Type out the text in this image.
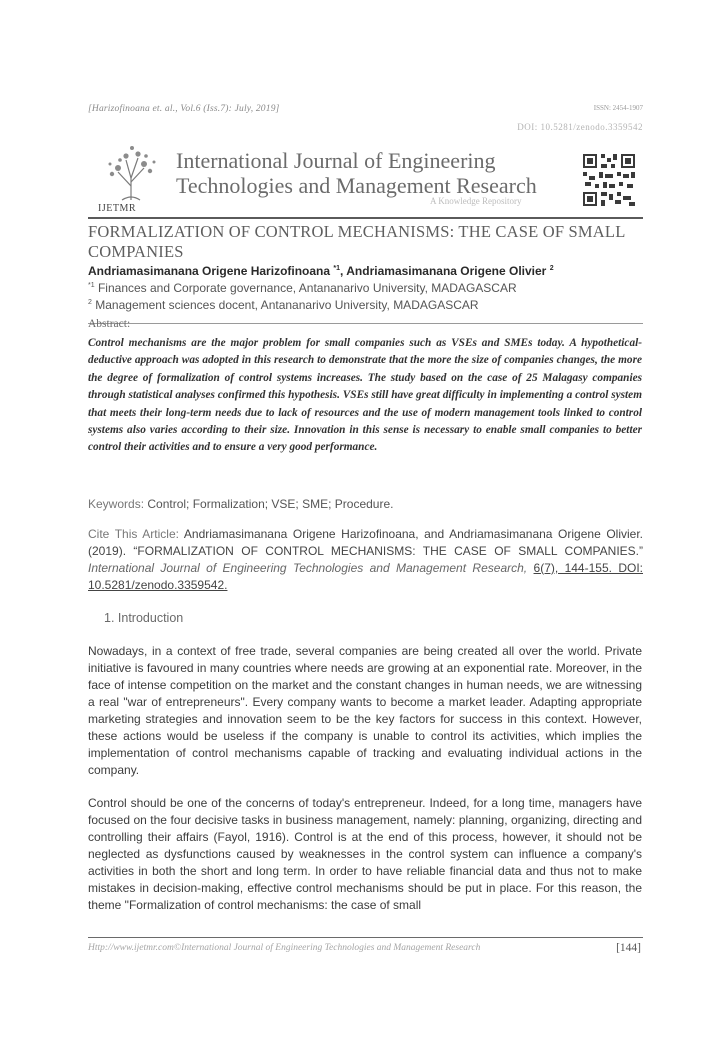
[Harizofinoana et. al., Vol.6 (Iss.7): July, 2019]	ISSN: 2454-1907
DOI: 10.5281/zenodo.3359542
IJETMR
International Journal of Engineering Technologies and Management Research
A Knowledge Repository
FORMALIZATION OF CONTROL MECHANISMS: THE CASE OF SMALL COMPANIES
Andriamasimanana Origene Harizofinoana $^{*1}$, Andriamasimanana Origene Olivier $^2$
$^{*1}$ Finances and Corporate governance, Antananarivo University, MADAGASCAR
$^2$ Management sciences docent, Antananarivo University, MADAGASCAR
Abstract:
Control mechanisms are the major problem for small companies such as VSEs and SMEs today. A hypothetical-deductive approach was adopted in this research to demonstrate that the more the size of companies changes, the more the degree of formalization of control systems increases. The study based on the case of 25 Malagasy companies through statistical analyses confirmed this hypothesis. VSEs still have great difficulty in implementing a control system that meets their long-term needs due to lack of resources and the use of modern management tools linked to control systems also varies according to their size. Innovation in this sense is necessary to enable small companies to better control their activities and to ensure a very good performance.
Keywords: Control; Formalization; VSE; SME; Procedure.
Cite This Article: Andriamasimanana Origene Harizofinoana, and Andriamasimanana Origene Olivier. (2019). “FORMALIZATION OF CONTROL MECHANISMS: THE CASE OF SMALL COMPANIES.” International Journal of Engineering Technologies and Management Research, 6(7), 144-155. DOI: 10.5281/zenodo.3359542.
1. Introduction
Nowadays, in a context of free trade, several companies are being created all over the world. Private initiative is favoured in many countries where needs are growing at an exponential rate. Moreover, in the face of intense competition on the market and the constant changes in human needs, we are witnessing a real "war of entrepreneurs". Every company wants to become a market leader. Adapting appropriate marketing strategies and innovation seem to be the key factors for success in this context. However, these actions would be useless if the company is unable to control its activities, which implies the implementation of control mechanisms capable of tracking and evaluating individual actions in the company.
Control should be one of the concerns of today's entrepreneur. Indeed, for a long time, managers have focused on the four decisive tasks in business management, namely: planning, organizing, directing and controlling their affairs (Fayol, 1916). Control is at the end of this process, however, it should not be neglected as dysfunctions caused by weaknesses in the control system can influence a company's activities in both the short and long term. In order to have reliable financial data and thus not to make mistakes in decision-making, effective control mechanisms should be put in place. For this reason, the theme "Formalization of control mechanisms: the case of small
Http://www.ijetmr.com©International Journal of Engineering Technologies and Management Research	[144]
